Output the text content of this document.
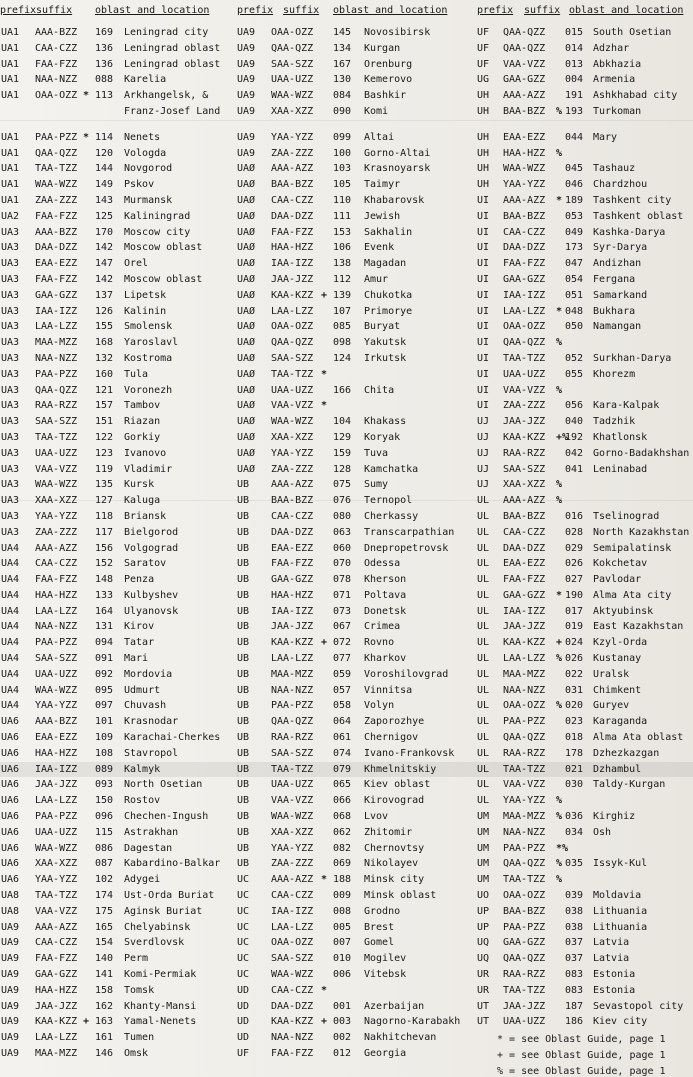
prefix suffix oblast and location
UA1 AAA-BZZ 169 Leningrad city
UA1 CAA-CZZ 136 Leningrad oblast
UA1 FAA-FZZ 136 Leningrad oblast
UA1 NAA-NZZ 088 Karelia
UA1 OAA-OZZ * 113 Arkhangelsk, &
Franz-Josef Land
UA1 PAA-PZZ * 114 Nenets
UA1 QAA-QZZ 120 Vologda
UA1 TAA-TZZ 144 Novgorod
UA1 WAA-WZZ 149 Pskov
UA1 ZAA-ZZZ 143 Murmansk
UA2 FAA-FZZ 125 Kaliningrad
UA3 AAA-BZZ 170 Moscow city
UA3 DAA-DZZ 142 Moscow oblast
UA3 EAA-EZZ 147 Orel
UA3 FAA-FZZ 142 Moscow oblast
UA3 GAA-GZZ 137 Lipetsk
UA3 IAA-IZZ 126 Kalinin
UA3 LAA-LZZ 155 Smolensk
UA3 MAA-MZZ 168 Yaroslavl
UA3 NAA-NZZ 132 Kostroma
UA3 PAA-PZZ 160 Tula
UA3 QAA-QZZ 121 Voronezh
UA3 RAA-RZZ 157 Tambov
UA3 SAA-SZZ 151 Riazan
UA3 TAA-TZZ 122 Gorkiy
UA3 UAA-UZZ 123 Ivanovo
UA3 VAA-VZZ 119 Vladimir
UA3 WAA-WZZ 135 Kursk
UA3 XAA-XZZ 127 Kaluga
UA3 YAA-YZZ 118 Briansk
UA3 ZAA-ZZZ 117 Bielgorod
UA4 AAA-AZZ 156 Volgograd
UA4 CAA-CZZ 152 Saratov
UA4 FAA-FZZ 148 Penza
UA4 HAA-HZZ 133 Kulbyshev
UA4 LAA-LZZ 164 Ulyanovsk
UA4 NAA-NZZ 131 Kirov
UA4 PAA-PZZ 094 Tatar
UA4 SAA-SZZ 091 Mari
UA4 UAA-UZZ 092 Mordovia
UA4 WAA-WZZ 095 Udmurt
UA4 YAA-YZZ 097 Chuvash
UA6 AAA-BZZ 101 Krasnodar
UA6 EAA-EZZ 109 Karachai-Cherkes
UA6 HAA-HZZ 108 Stavropol
UA6 IAA-IZZ 089 Kalmyk
UA6 JAA-JZZ 093 North Osetian
UA6 LAA-LZZ 150 Rostov
UA6 PAA-PZZ 096 Chechen-Ingush
UA6 UAA-UZZ 115 Astrakhan
UA6 WAA-WZZ 086 Dagestan
UA6 XAA-XZZ 087 Kabardino-Balkar
UA6 YAA-YZZ 102 Adygei
UA8 TAA-TZZ 174 Ust-Orda Buriat
UA8 VAA-VZZ 175 Aginsk Buriat
UA9 AAA-AZZ 165 Chelyabinsk
UA9 CAA-CZZ 154 Sverdlovsk
UA9 FAA-FZZ 140 Perm
UA9 GAA-GZZ 141 Komi-Permiak
UA9 HAA-HZZ 158 Tomsk
UA9 JAA-JZZ 162 Khanty-Mansi
UA9 KAA-KZZ + 163 Yamal-Nenets
UA9 LAA-LZZ 161 Tumen
UA9 MAA-MZZ 146 Omsk
prefix suffix oblast and location
UA9 OAA-OZZ 145 Novosibirsk
UA9 QAA-QZZ 134 Kurgan
UA9 SAA-SZZ 167 Orenburg
UA9 UAA-UZZ 130 Kemerovo
UA9 WAA-WZZ 084 Bashkir
UA9 XAA-XZZ 090 Komi
UA9 YAA-YZZ 099 Altai
UA9 ZAA-ZZZ 100 Gorno-Altai
UAØ AAA-AZZ 103 Krasnoyarsk
UAØ BAA-BZZ 105 Taimyr
UAØ CAA-CZZ 110 Khabarovsk
UAØ DAA-DZZ 111 Jewish
UAØ FAA-FZZ 153 Sakhalin
UAØ HAA-HZZ 106 Evenk
UAØ IAA-IZZ 138 Magadan
UAØ JAA-JZZ 112 Amur
UAØ KAA-KZZ + 139 Chukotka
UAØ LAA-LZZ 107 Primorye
UAØ OAA-OZZ 085 Buryat
UAØ QAA-QZZ 098 Yakutsk
UAØ SAA-SZZ 124 Irkutsk
UAØ TAA-TZZ *
UAØ UAA-UZZ 166 Chita
UAØ VAA-VZZ *
UAØ WAA-WZZ 104 Khakass
UAØ XAA-XZZ 129 Koryak
UAØ YAA-YZZ 159 Tuva
UAØ ZAA-ZZZ 128 Kamchatka
UB AAA-AZZ 075 Sumy
UB BAA-BZZ 076 Ternopol
UB CAA-CZZ 080 Cherkassy
UB DAA-DZZ 063 Transcarpathian
UB EAA-EZZ 060 Dnepropetrovsk
UB FAA-FZZ 070 Odessa
UB GAA-GZZ 078 Kherson
UB HAA-HZZ 071 Poltava
UB IAA-IZZ 073 Donetsk
UB JAA-JZZ 067 Crimea
UB KAA-KZZ + 072 Rovno
UB LAA-LZZ 077 Kharkov
UB MAA-MZZ 059 Voroshilovgrad
UB NAA-NZZ 057 Vinnitsa
UB PAA-PZZ 058 Volyn
UB QAA-QZZ 064 Zaporozhye
UB RAA-RZZ 061 Chernigov
UB SAA-SZZ 074 Ivano-Frankovsk
UB TAA-TZZ 079 Khmelnitskiy
UB UAA-UZZ 065 Kiev oblast
UB VAA-VZZ 066 Kirovograd
UB WAA-WZZ 068 Lvov
UB XAA-XZZ 062 Zhitomir
UB YAA-YZZ 082 Chernovtsy
UB ZAA-ZZZ 069 Nikolayev
UC AAA-AZZ * 188 Minsk city
UC CAA-CZZ 009 Minsk oblast
UC IAA-IZZ 008 Grodno
UC LAA-LZZ 005 Brest
UC OAA-OZZ 007 Gomel
UC SAA-SZZ 010 Mogilev
UC WAA-WZZ 006 Vitebsk
UD CAA-CZZ *
UD DAA-DZZ 001 Azerbaijan
UD KAA-KZZ + 003 Nagorno-Karabakh
UD NAA-NZZ 002 Nakhitchevan
UF FAA-FZZ 012 Georgia
prefix suffix oblast and location
UF QAA-QZZ 015 South Osetian
UF QAA-QZZ 014 Adzhar
UF VAA-VZZ 013 Abkhazia
UG GAA-GZZ 004 Armenia
UH AAA-AZZ 191 Ashkhabad city
UH BAA-BZZ % 193 Turkoman
UH EAA-EZZ 044 Mary
UH HAA-HZZ %
UH WAA-WZZ 045 Tashauz
UH YAA-YZZ 046 Chardzhou
UI AAA-AZZ * 189 Tashkent city
UI BAA-BZZ 053 Tashkent oblast
UI CAA-CZZ 049 Kashka-Darya
UI DAA-DZZ 173 Syr-Darya
UI FAA-FZZ 047 Andizhan
UI GAA-GZZ 054 Fergana
UI IAA-IZZ 051 Samarkand
UI LAA-LZZ * 048 Bukhara
UI OAA-OZZ 050 Namangan
UI QAA-QZZ %
UI TAA-TZZ 052 Surkhan-Darya
UI UAA-UZZ 055 Khorezm
UI VAA-VZZ %
UI ZAA-ZZZ 056 Kara-Kalpak
UJ JAA-JZZ 040 Tadzhik
UJ KAA-KZZ +%
192 Khatlonsk
UJ RAA-RZZ 042 Gorno-Badakhshan
UJ SAA-SZZ 041 Leninabad
UJ XAA-XZZ %
UL AAA-AZZ %
UL BAA-BZZ 016 Tselinograd
UL CAA-CZZ 028 North Kazakhstan
UL DAA-DZZ 029 Semipalatinsk
UL EAA-EZZ 026 Kokchetav
UL FAA-FZZ 027 Pavlodar
UL GAA-GZZ * 190 Alma Ata city
UL IAA-IZZ 017 Aktyubinsk
UL JAA-JZZ 019 East Kazakhstan
UL KAA-KZZ + 024 Kzyl-Orda
UL LAA-LZZ % 026 Kustanay
UL MAA-MZZ 022 Uralsk
UL NAA-NZZ 031 Chimkent
UL OAA-OZZ % 020 Guryev
UL PAA-PZZ 023 Karaganda
UL QAA-QZZ 018 Alma Ata oblast
UL RAA-RZZ 178 Dzhezkazgan
UL TAA-TZZ 021 Dzhambul
UL VAA-VZZ 030 Taldy-Kurgan
UL YAA-YZZ %
UM MAA-MZZ % 036 Kirghiz
UM NAA-NZZ 034 Osh
UM PAA-PZZ *%
UM QAA-QZZ % 035 Issyk-Kul
UM TAA-TZZ %
UO OAA-OZZ 039 Moldavia
UP BAA-BZZ 038 Lithuania
UP PAA-PZZ 038 Lithuania
UQ GAA-GZZ 037 Latvia
UQ QAA-QZZ 037 Latvia
UR RAA-RZZ 083 Estonia
UR TAA-TZZ 083 Estonia
UT JAA-JZZ 187 Sevastopol city
UT UAA-UZZ 186 Kiev city
* = see Oblast Guide, page 1
+ = see Oblast Guide, page 1
% = see Oblast Guide, page 1
